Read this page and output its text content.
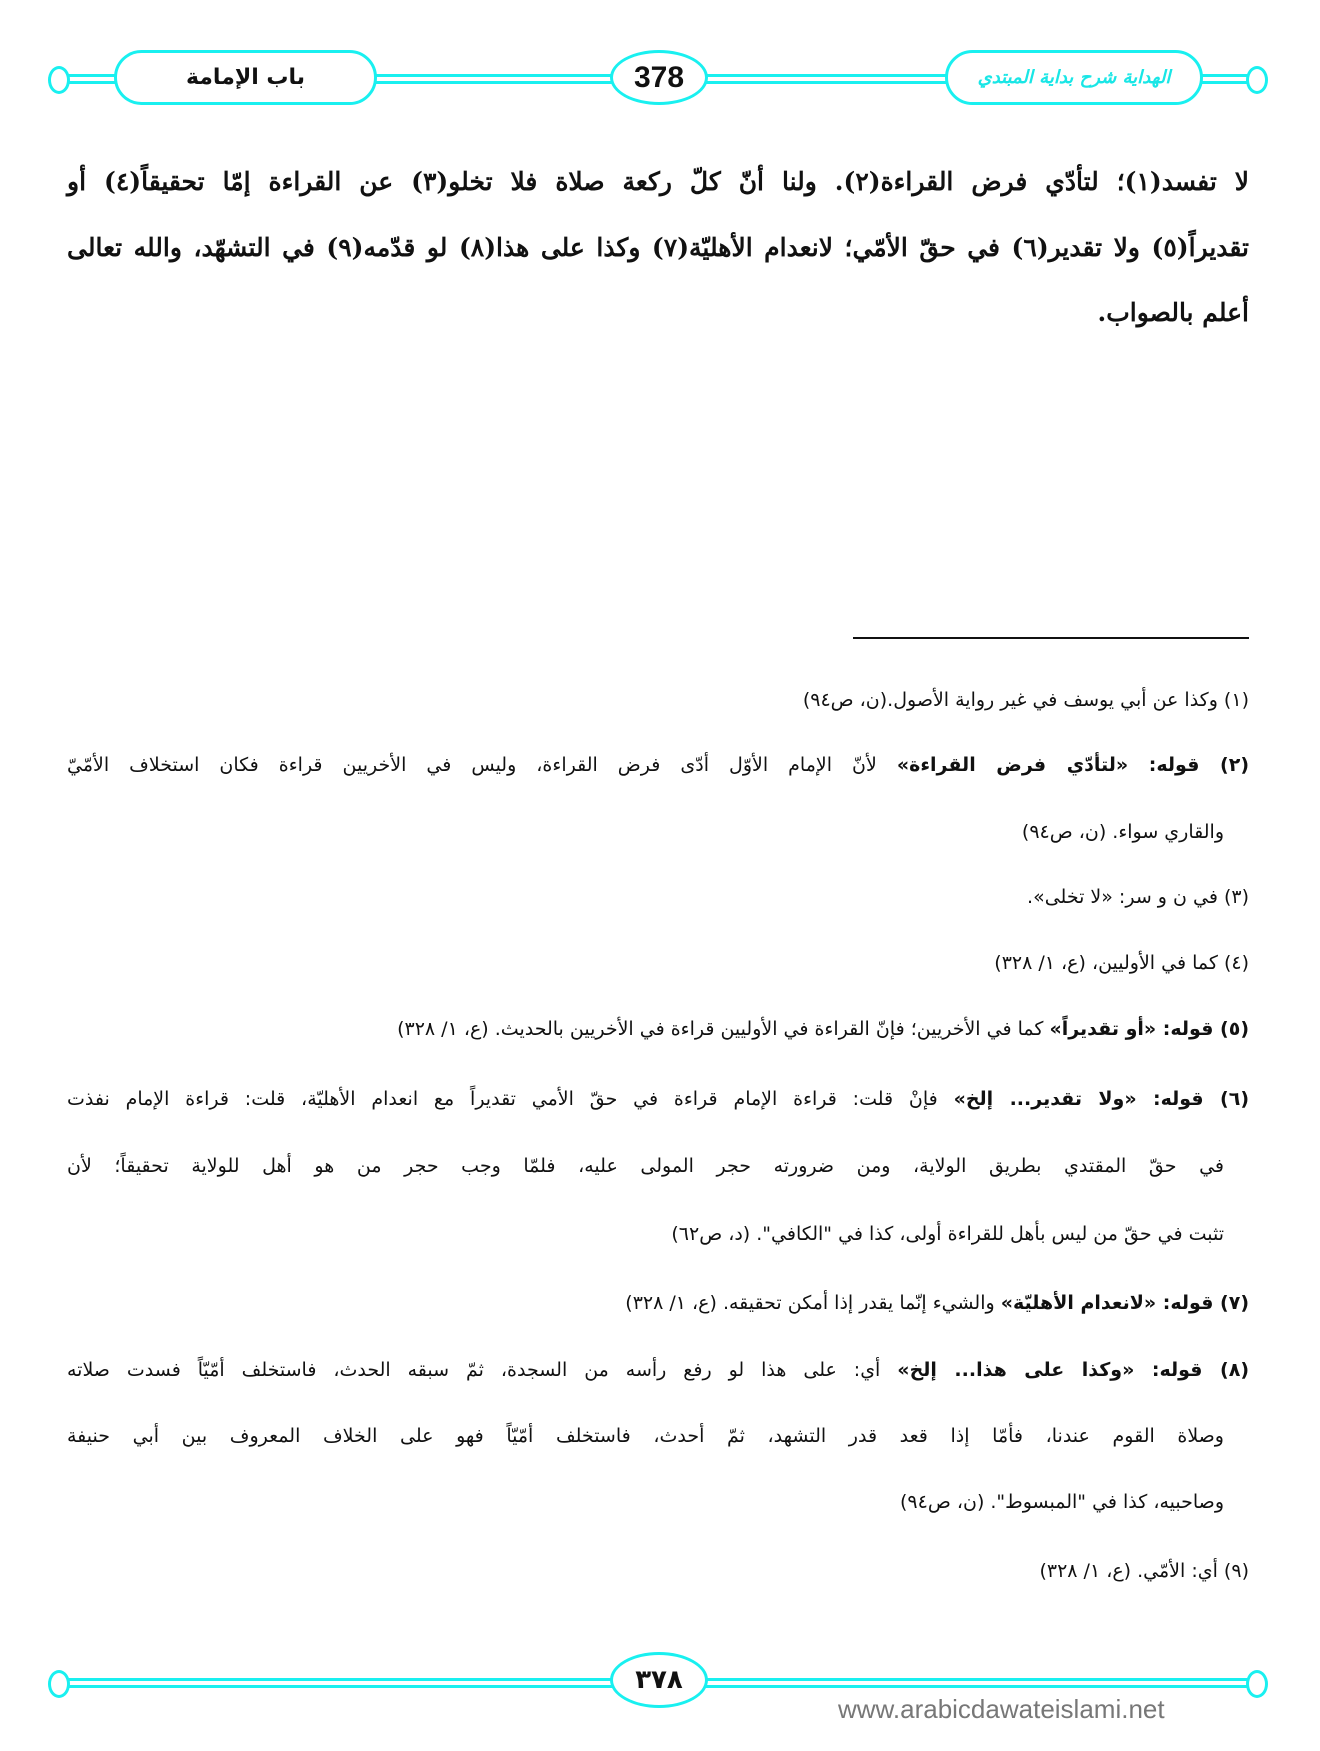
باب الإمامة	378	الهداية شرح بداية المبتدي
لا تفسد(١)؛ لتأدّي فرض القراءة(٢). ولنا أنّ كلّ ركعة صلاة فلا تخلو(٣) عن القراءة إمّا تحقيقاً(٤) أو
تقديراً(٥) ولا تقدير(٦) في حقّ الأمّي؛ لانعدام الأهليّة(٧) وكذا على هذا(٨) لو قدّمه(٩) في التشهّد، والله تعالى
أعلم بالصواب.
(١) وكذا عن أبي يوسف في غير رواية الأصول.(ن، ص٩٤)
(٢) قوله: «لتأدّي فرض القراءة» لأنّ الإمام الأوّل أدّى فرض القراءة، وليس في الأخريين قراءة فكان استخلاف الأمّيّ
والقاري سواء. (ن، ص٩٤)
(٣) في ن و سر: «لا تخلى».
(٤) كما في الأوليين، (ع، ١/ ٣٢٨)
(٥) قوله: «أو تقديراً» كما في الأخريين؛ فإنّ القراءة في الأوليين قراءة في الأخريين بالحديث. (ع، ١/ ٣٢٨)
(٦) قوله: «ولا تقدير... إلخ» فإنْ قلت: قراءة الإمام قراءة في حقّ الأمي تقديراً مع انعدام الأهليّة، قلت: قراءة الإمام نفذت
في حقّ المقتدي بطريق الولاية، ومن ضرورته حجر المولى عليه، فلمّا وجب حجر من هو أهل للولاية تحقيقاً؛ لأن
تثبت في حقّ من ليس بأهل للقراءة أولى، كذا في "الكافي". (د، ص٦٢)
(٧) قوله: «لانعدام الأهليّة» والشيء إنّما يقدر إذا أمكن تحقيقه. (ع، ١/ ٣٢٨)
(٨) قوله: «وكذا على هذا... إلخ» أي: على هذا لو رفع رأسه من السجدة، ثمّ سبقه الحدث، فاستخلف أمّيّاً فسدت صلاته
وصلاة القوم عندنا، فأمّا إذا قعد قدر التشهد، ثمّ أحدث، فاستخلف أمّيّاً فهو على الخلاف المعروف بين أبي حنيفة
وصاحبيه، كذا في "المبسوط". (ن، ص٩٤)
(٩) أي: الأمّي. (ع، ١/ ٣٢٨)
٣٧٨
www.arabicdawateislami.net
